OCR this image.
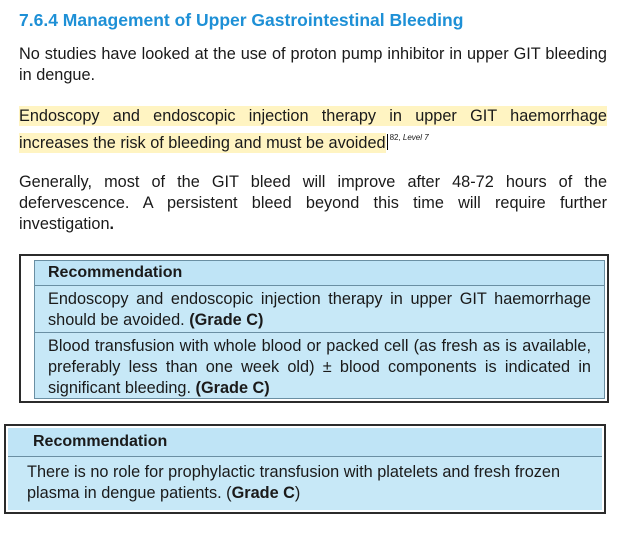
7.6.4 Management of Upper Gastrointestinal Bleeding
No studies have looked at the use of proton pump inhibitor in upper GIT bleeding in dengue.
Endoscopy and endoscopic injection therapy in upper GIT haemorrhage increases the risk of bleeding and must be avoided $^{82, Level 7}$
Generally, most of the GIT bleed will improve after 48-72 hours of the defervescence. A persistent bleed beyond this time will require further investigation.
Recommendation
Endoscopy and endoscopic injection therapy in upper GIT haemorrhage should be avoided. (Grade C)
Blood transfusion with whole blood or packed cell (as fresh as is available, preferably less than one week old) ± blood components is indicated in significant bleeding. (Grade C)
Recommendation
There is no role for prophylactic transfusion with platelets and fresh frozen plasma in dengue patients. (Grade C)
